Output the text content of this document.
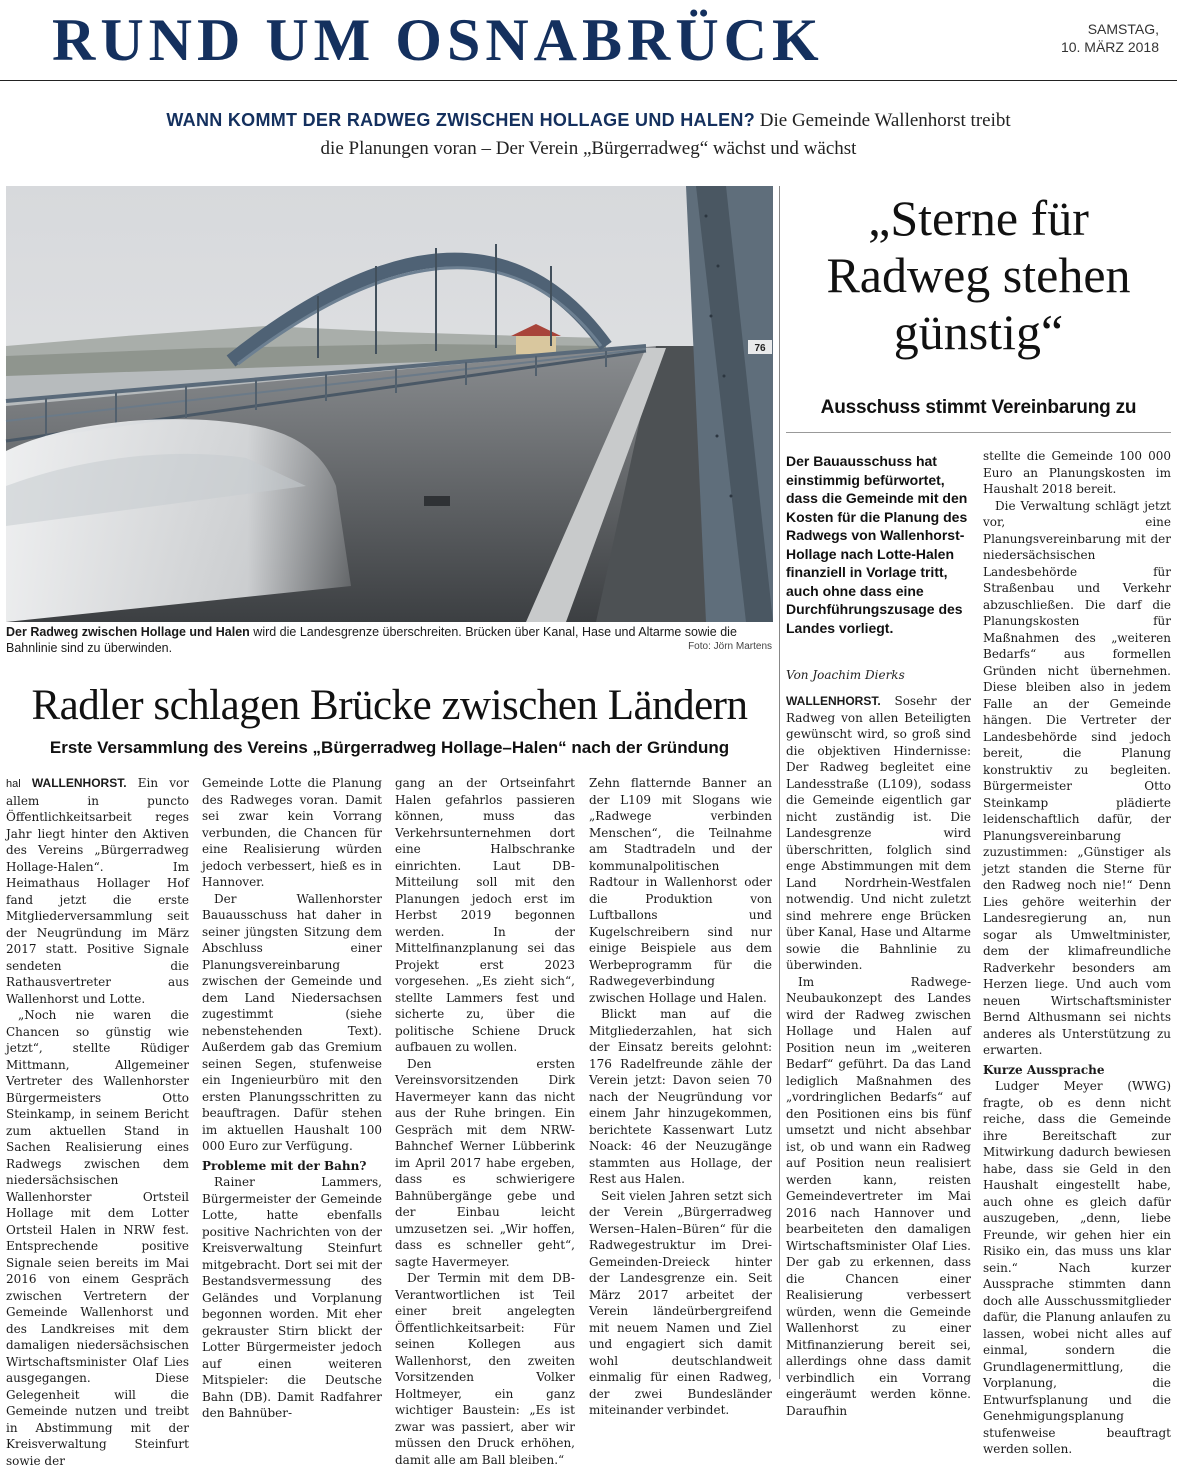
RUND UM OSNABRÜCK	SAMSTAG,
10. MÄRZ 2018
WANN KOMMT DER RADWEG ZWISCHEN HOLLAGE UND HALEN? Die Gemeinde Wallenhorst treibt die Planungen voran – Der Verein „Bürgerradweg“ wächst und wächst
76
Der Radweg zwischen Hollage und Halen wird die Landesgrenze überschreiten. Brücken über Kanal, Hase und Altarme sowie die Bahnlinie sind zu überwinden.	Foto: Jörn Martens
„Sterne für Radweg stehen günstig“
Ausschuss stimmt Vereinbarung zu
Der Bauausschuss hat einstimmig befürwortet, dass die Gemeinde mit den Kosten für die Planung des Radwegs von Wallenhorst-Hollage nach Lotte-Halen finanziell in Vorlage tritt, auch ohne dass eine Durchführungszusage des Landes vorliegt.
Von Joachim Dierks
Radler schlagen Brücke zwischen Ländern
Erste Versammlung des Vereins „Bürgerradweg Hollage–Halen“ nach der Gründung

hal WALLENHORST. Ein vor allem in puncto Öffentlichkeitsarbeit reges Jahr liegt hinter den Aktiven des Vereins „Bürgerradweg Hollage-Halen“. Im Heimathaus Hollager Hof fand jetzt die erste Mitgliederversammlung seit der Neugründung im März 2017 statt. Positive Signale sendeten die Rathausvertreter aus Wallenhorst und Lotte.

„Noch nie waren die Chancen so günstig wie jetzt“, stellte Rüdiger Mittmann, Allgemeiner Vertreter des Wallenhorster Bürgermeisters Otto Steinkamp, in seinem Bericht zum aktuellen Stand in Sachen Realisierung eines Radwegs zwischen dem niedersächsischen Wallenhorster Ortsteil Hollage mit dem Lotter Ortsteil Halen in NRW fest. Entsprechende positive Signale seien bereits im Mai 2016 von einem Gespräch zwischen Vertretern der Gemeinde Wallenhorst und des Landkreises mit dem damaligen niedersächsischen Wirtschaftsminister Olaf Lies ausgegangen. Diese Gelegenheit will die Gemeinde nutzen und treibt in Abstimmung mit der Kreisverwaltung Steinfurt sowie der

Gemeinde Lotte die Planung des Radweges voran. Damit sei zwar kein Vorrang verbunden, die Chancen für eine Realisierung würden jedoch verbessert, hieß es in Hannover.

Der Wallenhorster Bauausschuss hat daher in seiner jüngsten Sitzung dem Abschluss einer Planungsvereinbarung zwischen der Gemeinde und dem Land Niedersachsen zugestimmt (siehe nebenstehenden Text). Außerdem gab das Gremium seinen Segen, stufenweise ein Ingenieurbüro mit den ersten Planungsschritten zu beauftragen. Dafür stehen im aktuellen Haushalt 100 000 Euro zur Verfügung.

Probleme mit der Bahn?

Rainer Lammers, Bürgermeister der Gemeinde Lotte, hatte ebenfalls positive Nachrichten von der Kreisverwaltung Steinfurt mitgebracht. Dort sei mit der Bestandsvermessung des Geländes und Vorplanung begonnen worden. Mit eher gekrauster Stirn blickt der Lotter Bürgermeister jedoch auf einen weiteren Mitspieler: die Deutsche Bahn (DB). Damit Radfahrer den Bahnüber-

gang an der Ortseinfahrt Halen gefahrlos passieren können, muss das Verkehrsunternehmen dort eine Halbschranke einrichten. Laut DB-Mitteilung soll mit den Planungen jedoch erst im Herbst 2019 begonnen werden. In der Mittelfinanzplanung sei das Projekt erst 2023 vorgesehen. „Es zieht sich“, stellte Lammers fest und sicherte zu, über die politische Schiene Druck aufbauen zu wollen.

Den ersten Vereinsvorsitzenden Dirk Havermeyer kann das nicht aus der Ruhe bringen. Ein Gespräch mit dem NRW-Bahnchef Werner Lübberink im April 2017 habe ergeben, dass es schwierigere Bahnübergänge gebe und der Einbau leicht umzusetzen sei. „Wir hoffen, dass es schneller geht“, sagte Havermeyer.

Der Termin mit dem DB-Verantwortlichen ist Teil einer breit angelegten Öffentlichkeitsarbeit: Für seinen Kollegen aus Wallenhorst, den zweiten Vorsitzenden Volker Holtmeyer, ein ganz wichtiger Baustein: „Es ist zwar was passiert, aber wir müssen den Druck erhöhen, damit alle am Ball bleiben.“

Zehn flatternde Banner an der L109 mit Slogans wie „Radwege verbinden Menschen“, die Teilnahme am Stadtradeln und der kommunalpolitischen Radtour in Wallenhorst oder die Produktion von Luftballons und Kugelschreibern sind nur einige Beispiele aus dem Werbeprogramm für die Radwegeverbindung zwischen Hollage und Halen.

Blickt man auf die Mitgliederzahlen, hat sich der Einsatz bereits gelohnt: 176 Radelfreunde zähle der Verein jetzt: Davon seien 70 nach der Neugründung vor einem Jahr hinzugekommen, berichtete Kassenwart Lutz Noack: 46 der Neuzugänge stammten aus Hollage, der Rest aus Halen.

Seit vielen Jahren setzt sich der Verein „Bürgerradweg Wersen–Halen–Büren“ für die Radwegestruktur im Drei-Gemeinden-Dreieck hinter der Landesgrenze ein. Seit März 2017 arbeitet der Verein ländeürbergreifend mit neuem Namen und Ziel und engagiert sich damit wohl deutschlandweit einmalig für einen Radweg, der zwei Bundesländer miteinander verbindet.

WALLENHORST. Sosehr der Radweg von allen Beteiligten gewünscht wird, so groß sind die objektiven Hindernisse: Der Radweg begleitet eine Landesstraße (L109), sodass die Gemeinde eigentlich gar nicht zuständig ist. Die Landesgrenze wird überschritten, folglich sind enge Abstimmungen mit dem Land Nordrhein-Westfalen notwendig. Und nicht zuletzt sind mehrere enge Brücken über Kanal, Hase und Altarme sowie die Bahnlinie zu überwinden.

Im Radwege-Neubaukonzept des Landes wird der Radweg zwischen Hollage und Halen auf Position neun im „weiteren Bedarf“ geführt. Da das Land lediglich Maßnahmen des „vordringlichen Bedarfs“ auf den Positionen eins bis fünf umsetzt und nicht absehbar ist, ob und wann ein Radweg auf Position neun realisiert werden kann, reisten Gemeindevertreter im Mai 2016 nach Hannover und bearbeiteten den damaligen Wirtschaftsminister Olaf Lies. Der gab zu erkennen, dass die Chancen einer Realisierung verbessert würden, wenn die Gemeinde Wallenhorst zu einer Mitfinanzierung bereit sei, allerdings ohne dass damit verbindlich ein Vorrang eingeräumt werden könne. Daraufhin

stellte die Gemeinde 100 000 Euro an Planungskosten im Haushalt 2018 bereit.

Die Verwaltung schlägt jetzt vor, eine Planungsvereinbarung mit der niedersächsischen Landesbehörde für Straßenbau und Verkehr abzuschließen. Die darf die Planungskosten für Maßnahmen des „weiteren Bedarfs“ aus formellen Gründen nicht übernehmen. Diese bleiben also in jedem Falle an der Gemeinde hängen. Die Vertreter der Landesbehörde sind jedoch bereit, die Planung konstruktiv zu begleiten. Bürgermeister Otto Steinkamp plädierte leidenschaftlich dafür, der Planungsvereinbarung zuzustimmen: „Günstiger als jetzt standen die Sterne für den Radweg noch nie!“ Denn Lies gehöre weiterhin der Landesregierung an, nun sogar als Umweltminister, dem der klimafreundliche Radverkehr besonders am Herzen liege. Und auch vom neuen Wirtschaftsminister Bernd Althusmann sei nichts anderes als Unterstützung zu erwarten.

Kurze Aussprache

Ludger Meyer (WWG) fragte, ob es denn nicht reiche, dass die Gemeinde ihre Bereitschaft zur Mitwirkung dadurch bewiesen habe, dass sie Geld in den Haushalt eingestellt habe, auch ohne es gleich dafür auszugeben, „denn, liebe Freunde, wir gehen hier ein Risiko ein, das muss uns klar sein.“ Nach kurzer Aussprache stimmten dann doch alle Ausschussmitglieder dafür, die Planung anlaufen zu lassen, wobei nicht alles auf einmal, sondern die Grundlagenermittlung, die Vorplanung, die Entwurfsplanung und die Genehmigungsplanung stufenweise beauftragt werden sollen.
